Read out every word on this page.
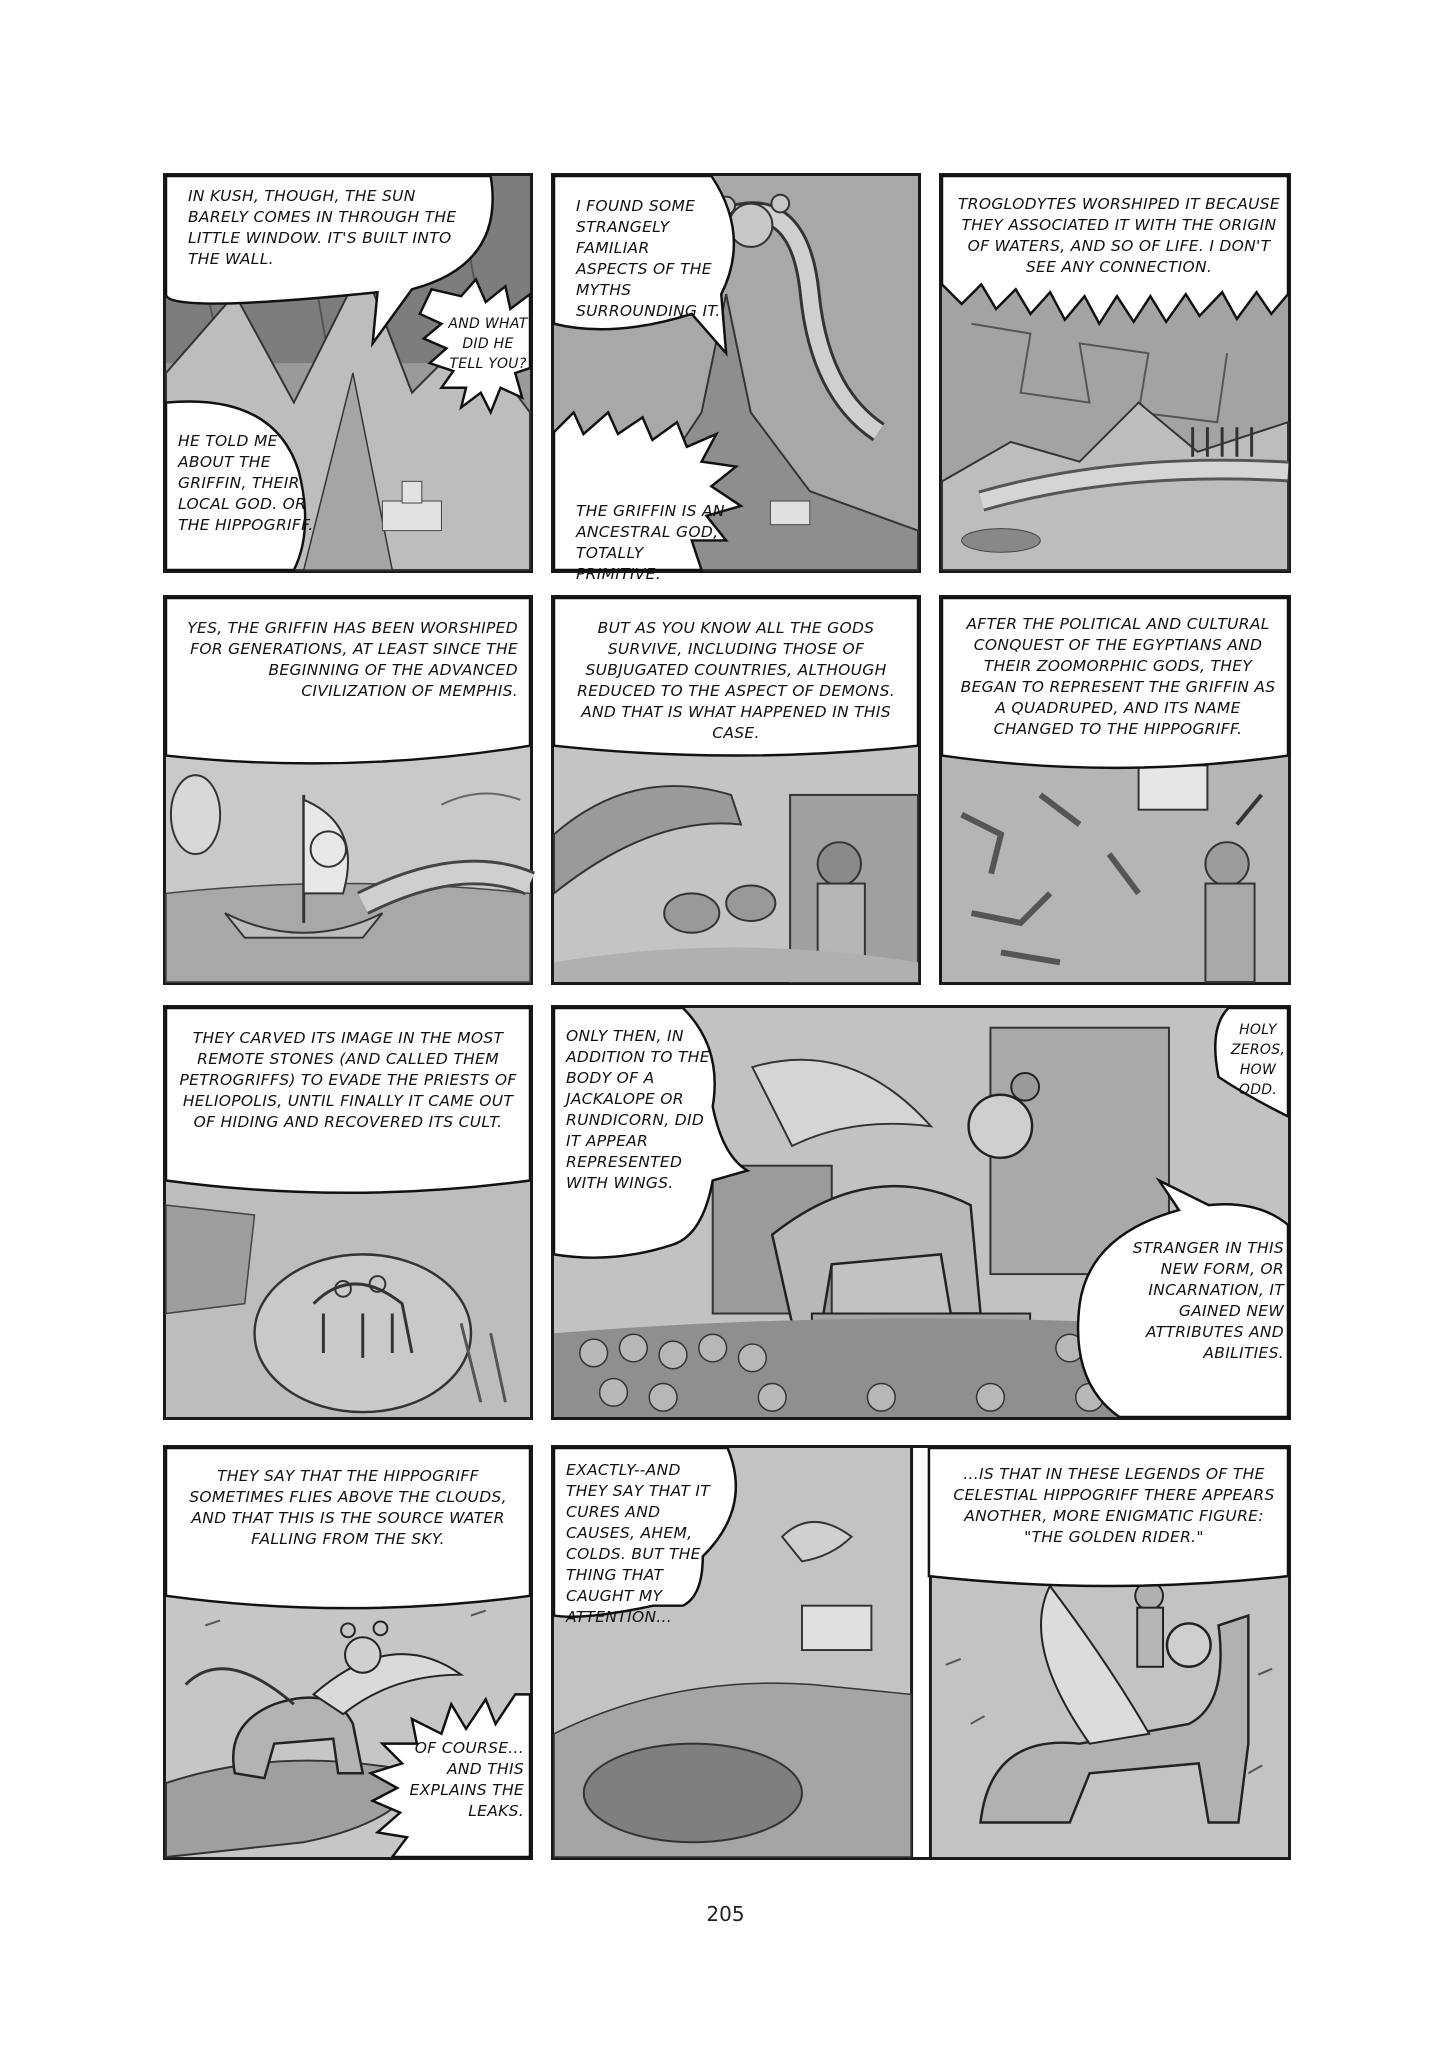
IN KUSH, THOUGH, THE SUN BARELY COMES IN THROUGH THE LITTLE WINDOW. IT'S BUILT INTO THE WALL.
AND WHAT DID HE TELL YOU?
HE TOLD ME ABOUT THE GRIFFIN, THEIR LOCAL GOD. OR THE HIPPOGRIFF.
I FOUND SOME STRANGELY FAMILIAR ASPECTS OF THE MYTHS SURROUNDING IT.
THE GRIFFIN IS AN ANCESTRAL GOD, TOTALLY PRIMITIVE.
TROGLODYTES WORSHIPED IT BECAUSE THEY ASSOCIATED IT WITH THE ORIGIN OF WATERS, AND SO OF LIFE. I DON'T SEE ANY CONNECTION.
YES, THE GRIFFIN HAS BEEN WORSHIPED FOR GENERATIONS, AT LEAST SINCE THE BEGINNING OF THE ADVANCED CIVILIZATION OF MEMPHIS.
BUT AS YOU KNOW ALL THE GODS SURVIVE, INCLUDING THOSE OF SUBJUGATED COUNTRIES, ALTHOUGH REDUCED TO THE ASPECT OF DEMONS. AND THAT IS WHAT HAPPENED IN THIS CASE.
AFTER THE POLITICAL AND CULTURAL CONQUEST OF THE EGYPTIANS AND THEIR ZOOMORPHIC GODS, THEY BEGAN TO REPRESENT THE GRIFFIN AS A QUADRUPED, AND ITS NAME CHANGED TO THE HIPPOGRIFF.
THEY CARVED ITS IMAGE IN THE MOST REMOTE STONES (AND CALLED THEM PETROGRIFFS) TO EVADE THE PRIESTS OF HELIOPOLIS, UNTIL FINALLY IT CAME OUT OF HIDING AND RECOVERED ITS CULT.
ONLY THEN, IN ADDITION TO THE BODY OF A JACKALOPE OR RUNDICORN, DID IT APPEAR REPRESENTED WITH WINGS.
HOLY ZEROS, HOW ODD.
STRANGER IN THIS NEW FORM, OR INCARNATION, IT GAINED NEW ATTRIBUTES AND ABILITIES.
THEY SAY THAT THE HIPPOGRIFF SOMETIMES FLIES ABOVE THE CLOUDS, AND THAT THIS IS THE SOURCE WATER FALLING FROM THE SKY.
OF COURSE... AND THIS EXPLAINS THE LEAKS.
EXACTLY--AND THEY SAY THAT IT CURES AND CAUSES, AHEM, COLDS. BUT THE THING THAT CAUGHT MY ATTENTION...
...IS THAT IN THESE LEGENDS OF THE CELESTIAL HIPPOGRIFF THERE APPEARS ANOTHER, MORE ENIGMATIC FIGURE: "THE GOLDEN RIDER."
205
